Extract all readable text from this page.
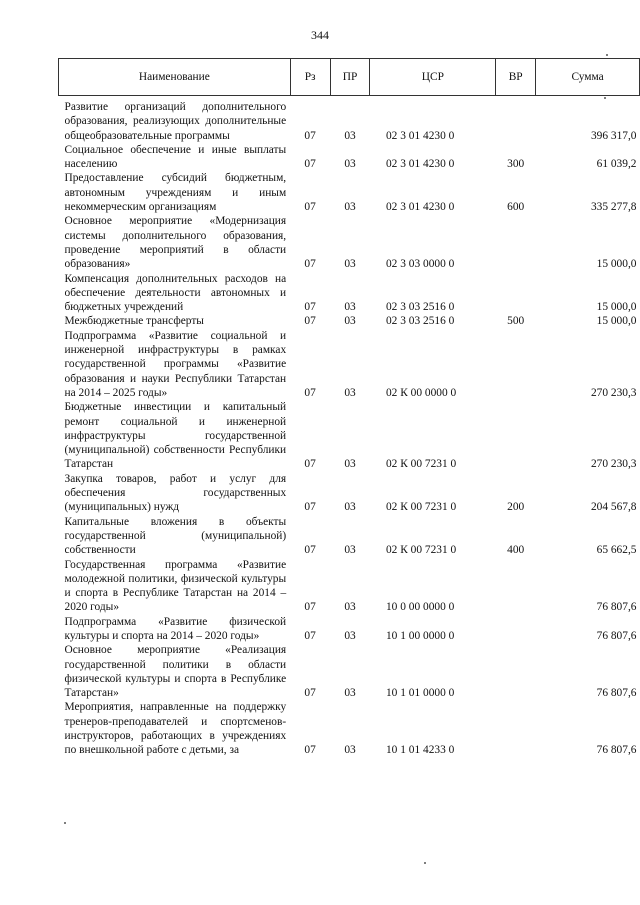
344
Наименование	Рз	ПР	ЦСР	ВР	Сумма
Развитие организаций дополнительного образования, реализующих дополнительные общеобразовательные программы	07	03	02 3 01 4230 0		396 317,0
Социальное обеспечение и иные выплаты населению	07	03	02 3 01 4230 0	300	61 039,2
Предоставление субсидий бюджетным, автономным учреждениям и иным некоммерческим организациям	07	03	02 3 01 4230 0	600	335 277,8
Основное мероприятие «Модернизация системы дополнительного образования, проведение мероприятий в области образования»	07	03	02 3 03 0000 0		15 000,0
Компенсация дополнительных расходов на обеспечение деятельности автономных и бюджетных учреждений	07	03	02 3 03 2516 0		15 000,0
Межбюджетные трансферты	07	03	02 3 03 2516 0	500	15 000,0
Подпрограмма «Развитие социальной и инженерной инфраструктуры в рамках государственной программы «Развитие образования и науки Республики Татарстан на 2014 – 2025 годы»	07	03	02 К 00 0000 0		270 230,3
Бюджетные инвестиции и капитальный ремонт социальной и инженерной инфраструктуры государственной (муниципальной) собственности Республики Татарстан	07	03	02 К 00 7231 0		270 230,3
Закупка товаров, работ и услуг для обеспечения государственных (муниципальных) нужд	07	03	02 К 00 7231 0	200	204 567,8
Капитальные вложения в объекты государственной (муниципальной) собственности	07	03	02 К 00 7231 0	400	65 662,5
Государственная программа «Развитие молодежной политики, физической культуры и спорта в Республике Татарстан на 2014 – 2020 годы»	07	03	10 0 00 0000 0		76 807,6
Подпрограмма «Развитие физической культуры и спорта на 2014 – 2020 годы»	07	03	10 1 00 0000 0		76 807,6
Основное мероприятие «Реализация государственной политики в области физической культуры и спорта в Республике Татарстан»	07	03	10 1 01 0000 0		76 807,6
Мероприятия, направленные на поддержку тренеров-преподавателей и спортсменов-инструкторов, работающих в учреждениях по внешкольной работе с детьми, за	07	03	10 1 01 4233 0		76 807,6
